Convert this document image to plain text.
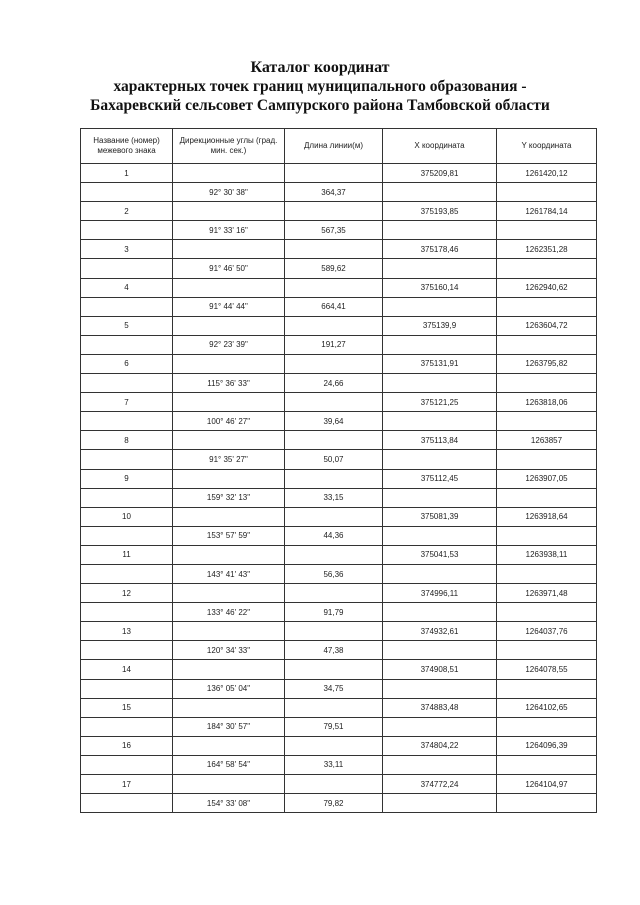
Каталог координат
характерных точек границ муниципального образования -
Бахаревский сельсовет Сампурского района Тамбовской области
Название (номер) межевого знака	Дирекционные углы (град. мин. сек.)	Длина линии(м)	X координата	Y координата
1			375209,81	1261420,12
	92° 30' 38"	364,37		
2			375193,85	1261784,14
	91° 33' 16"	567,35		
3			375178,46	1262351,28
	91° 46' 50"	589,62		
4			375160,14	1262940,62
	91° 44' 44"	664,41		
5			375139,9	1263604,72
	92° 23' 39"	191,27		
6			375131,91	1263795,82
	115° 36' 33"	24,66		
7			375121,25	1263818,06
	100° 46' 27"	39,64		
8			375113,84	1263857
	91° 35' 27"	50,07		
9			375112,45	1263907,05
	159° 32' 13"	33,15		
10			375081,39	1263918,64
	153° 57' 59"	44,36		
11			375041,53	1263938,11
	143° 41' 43"	56,36		
12			374996,11	1263971,48
	133° 46' 22"	91,79		
13			374932,61	1264037,76
	120° 34' 33"	47,38		
14			374908,51	1264078,55
	136° 05' 04"	34,75		
15			374883,48	1264102,65
	184° 30' 57"	79,51		
16			374804,22	1264096,39
	164° 58' 54"	33,11		
17			374772,24	1264104,97
	154° 33' 08"	79,82		
